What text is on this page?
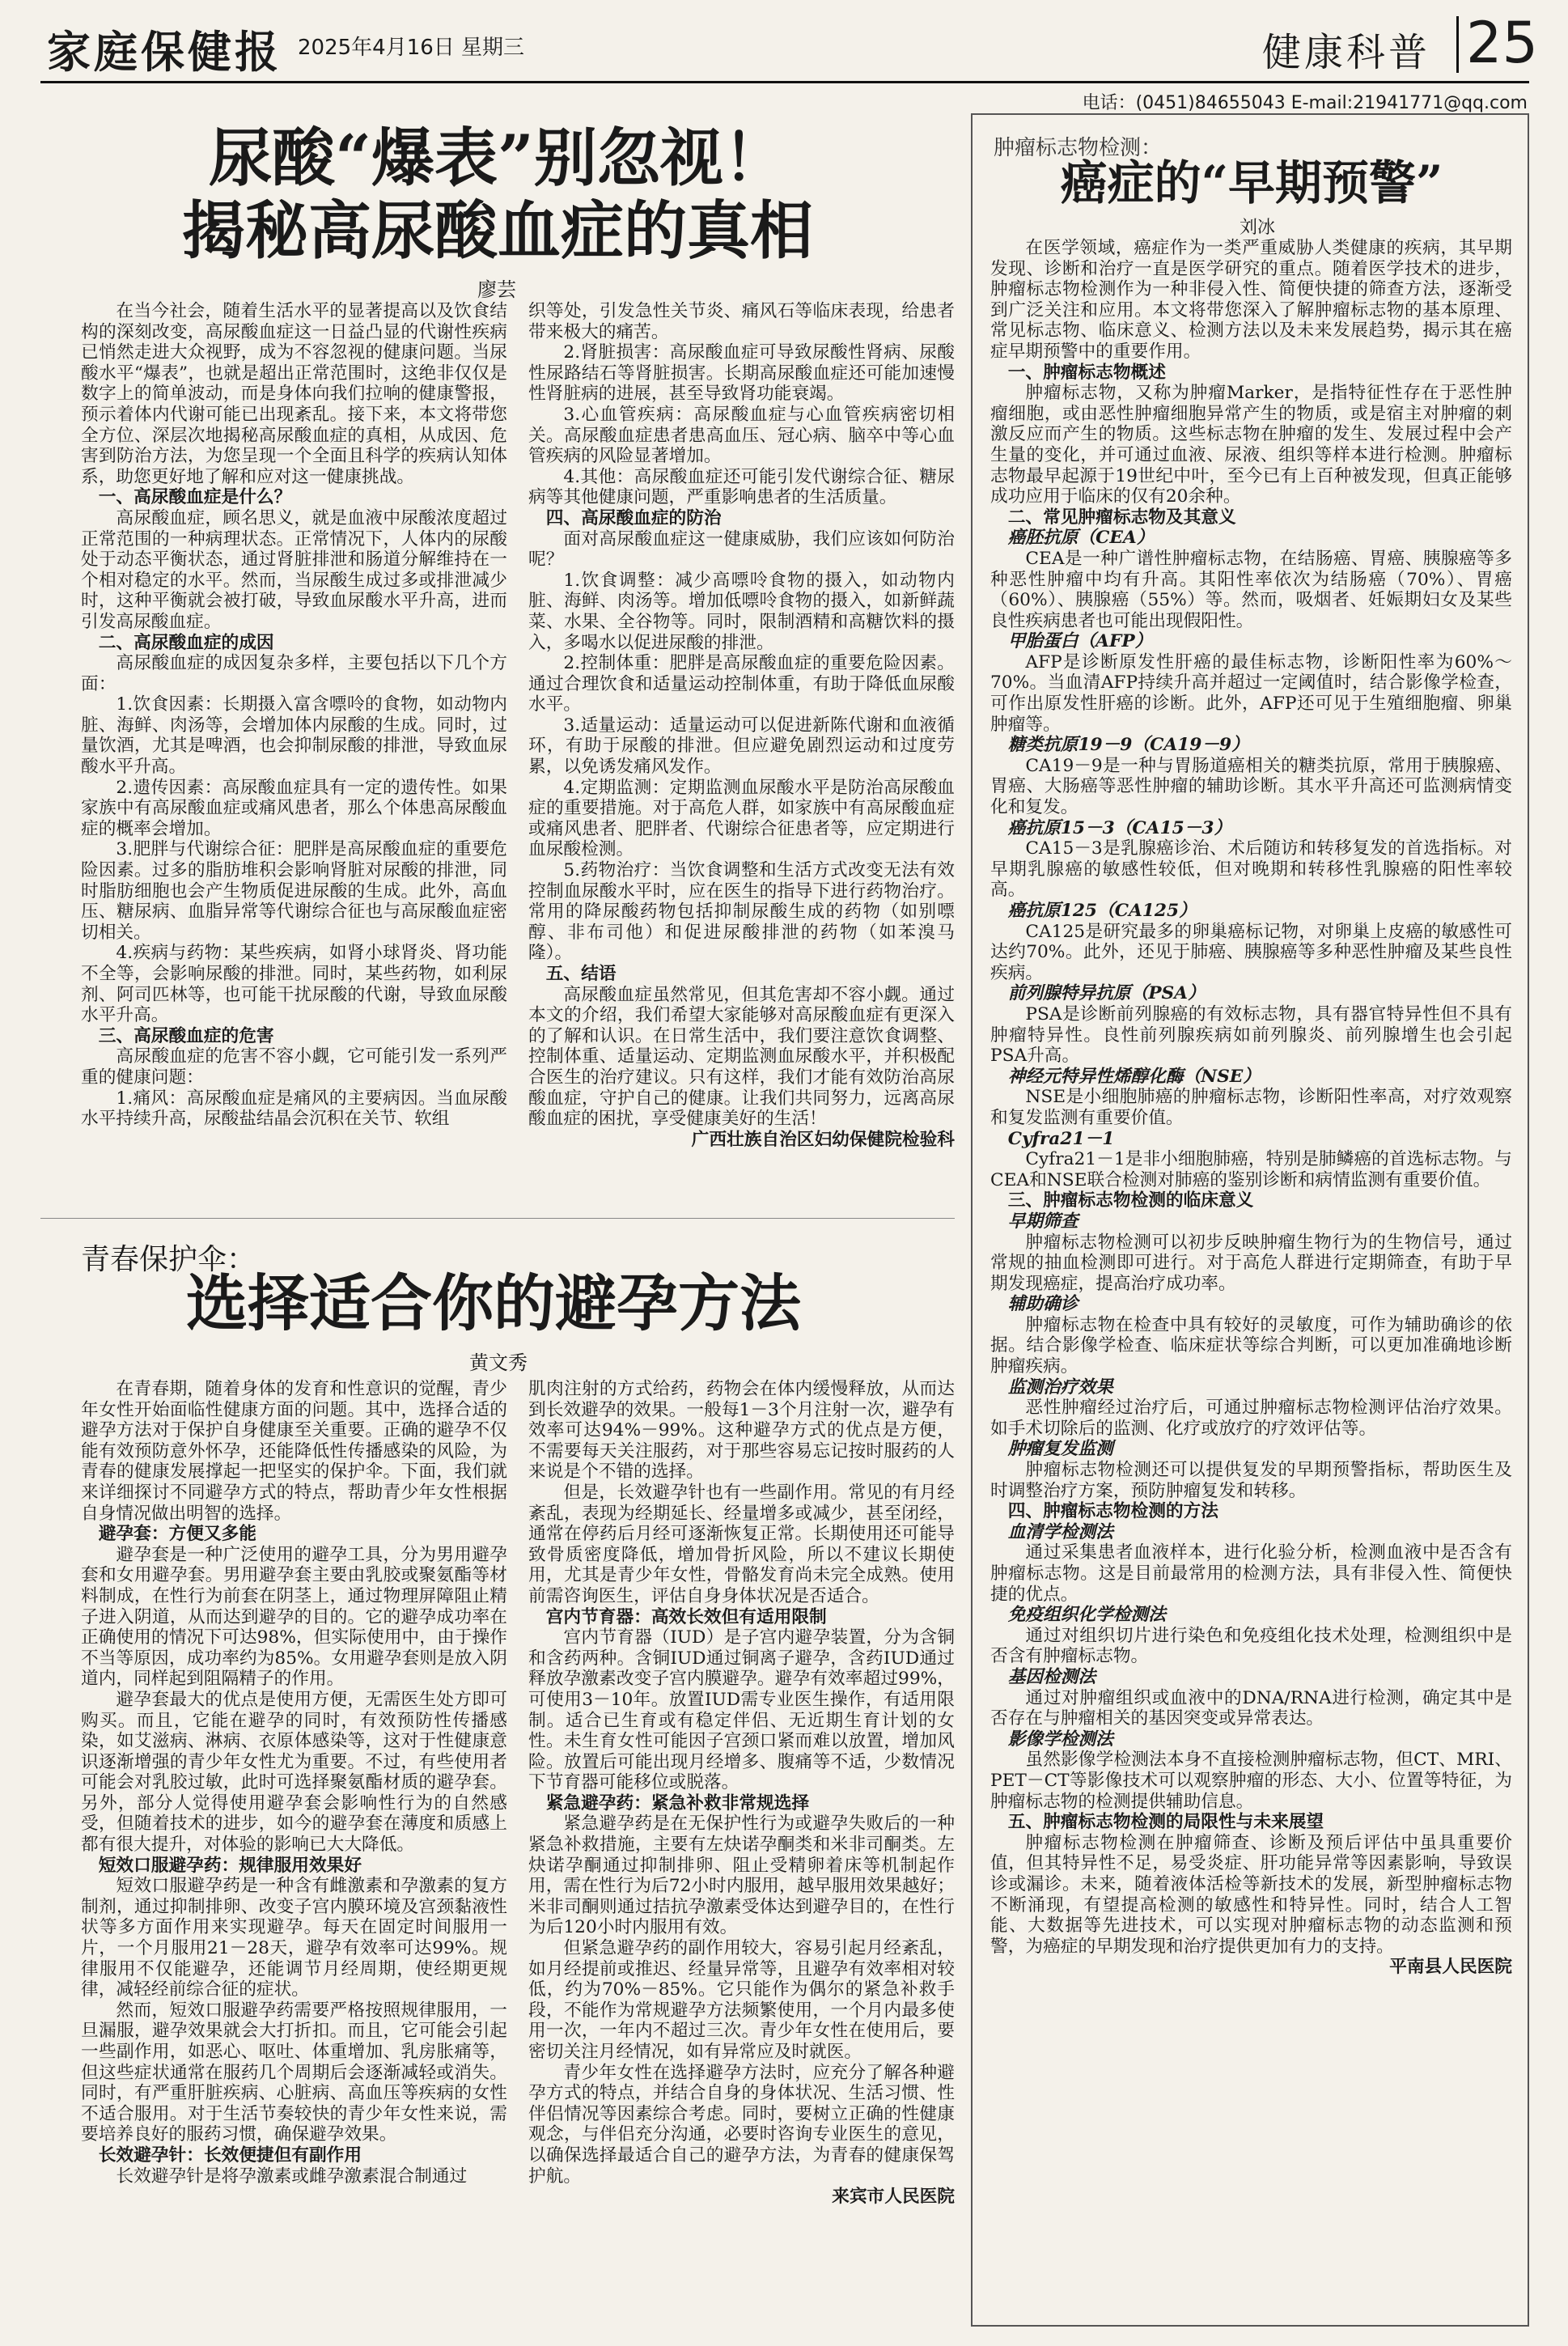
家庭保健报 2025年4月16日 星期三	健康科普 25
电话：(0451)84655043 E-mail:21941771@qq.com
尿酸“爆表”别忽视！
揭秘高尿酸血症的真相
廖芸

在当今社会，随着生活水平的显著提高以及饮食结构的深刻改变，高尿酸血症这一日益凸显的代谢性疾病已悄然走进大众视野，成为不容忽视的健康问题。当尿酸水平“爆表”，也就是超出正常范围时，这绝非仅仅是数字上的简单波动，而是身体向我们拉响的健康警报，预示着体内代谢可能已出现紊乱。接下来，本文将带您全方位、深层次地揭秘高尿酸血症的真相，从成因、危害到防治方法，为您呈现一个全面且科学的疾病认知体系，助您更好地了解和应对这一健康挑战。

一、高尿酸血症是什么？

高尿酸血症，顾名思义，就是血液中尿酸浓度超过正常范围的一种病理状态。正常情况下，人体内的尿酸处于动态平衡状态，通过肾脏排泄和肠道分解维持在一个相对稳定的水平。然而，当尿酸生成过多或排泄减少时，这种平衡就会被打破，导致血尿酸水平升高，进而引发高尿酸血症。

二、高尿酸血症的成因

高尿酸血症的成因复杂多样，主要包括以下几个方面：

1.饮食因素：长期摄入富含嘌呤的食物，如动物内脏、海鲜、肉汤等，会增加体内尿酸的生成。同时，过量饮酒，尤其是啤酒，也会抑制尿酸的排泄，导致血尿酸水平升高。

2.遗传因素：高尿酸血症具有一定的遗传性。如果家族中有高尿酸血症或痛风患者，那么个体患高尿酸血症的概率会增加。

3.肥胖与代谢综合征：肥胖是高尿酸血症的重要危险因素。过多的脂肪堆积会影响肾脏对尿酸的排泄，同时脂肪细胞也会产生物质促进尿酸的生成。此外，高血压、糖尿病、血脂异常等代谢综合征也与高尿酸血症密切相关。

4.疾病与药物：某些疾病，如肾小球肾炎、肾功能不全等，会影响尿酸的排泄。同时，某些药物，如利尿剂、阿司匹林等，也可能干扰尿酸的代谢，导致血尿酸水平升高。

三、高尿酸血症的危害

高尿酸血症的危害不容小觑，它可能引发一系列严重的健康问题：

1.痛风：高尿酸血症是痛风的主要病因。当血尿酸水平持续升高，尿酸盐结晶会沉积在关节、软组

织等处，引发急性关节炎、痛风石等临床表现，给患者带来极大的痛苦。

2.肾脏损害：高尿酸血症可导致尿酸性肾病、尿酸性尿路结石等肾脏损害。长期高尿酸血症还可能加速慢性肾脏病的进展，甚至导致肾功能衰竭。

3.心血管疾病：高尿酸血症与心血管疾病密切相关。高尿酸血症患者患高血压、冠心病、脑卒中等心血管疾病的风险显著增加。

4.其他：高尿酸血症还可能引发代谢综合征、糖尿病等其他健康问题，严重影响患者的生活质量。

四、高尿酸血症的防治

面对高尿酸血症这一健康威胁，我们应该如何防治呢？

1.饮食调整：减少高嘌呤食物的摄入，如动物内脏、海鲜、肉汤等。增加低嘌呤食物的摄入，如新鲜蔬菜、水果、全谷物等。同时，限制酒精和高糖饮料的摄入，多喝水以促进尿酸的排泄。

2.控制体重：肥胖是高尿酸血症的重要危险因素。通过合理饮食和适量运动控制体重，有助于降低血尿酸水平。

3.适量运动：适量运动可以促进新陈代谢和血液循环，有助于尿酸的排泄。但应避免剧烈运动和过度劳累，以免诱发痛风发作。

4.定期监测：定期监测血尿酸水平是防治高尿酸血症的重要措施。对于高危人群，如家族中有高尿酸血症或痛风患者、肥胖者、代谢综合征患者等，应定期进行血尿酸检测。

5.药物治疗：当饮食调整和生活方式改变无法有效控制血尿酸水平时，应在医生的指导下进行药物治疗。常用的降尿酸药物包括抑制尿酸生成的药物（如别嘌醇、非布司他）和促进尿酸排泄的药物（如苯溴马隆）。

五、结语

高尿酸血症虽然常见，但其危害却不容小觑。通过本文的介绍，我们希望大家能够对高尿酸血症有更深入的了解和认识。在日常生活中，我们要注意饮食调整、控制体重、适量运动、定期监测血尿酸水平，并积极配合医生的治疗建议。只有这样，我们才能有效防治高尿酸血症，守护自己的健康。让我们共同努力，远离高尿酸血症的困扰，享受健康美好的生活！

广西壮族自治区妇幼保健院检验科

青春保护伞：
选择适合你的避孕方法
黄文秀

在青春期，随着身体的发育和性意识的觉醒，青少年女性开始面临性健康方面的问题。其中，选择合适的避孕方法对于保护自身健康至关重要。正确的避孕不仅能有效预防意外怀孕，还能降低性传播感染的风险，为青春的健康发展撑起一把坚实的保护伞。下面，我们就来详细探讨不同避孕方式的特点，帮助青少年女性根据自身情况做出明智的选择。

避孕套：方便又多能

避孕套是一种广泛使用的避孕工具，分为男用避孕套和女用避孕套。男用避孕套主要由乳胶或聚氨酯等材料制成，在性行为前套在阴茎上，通过物理屏障阻止精子进入阴道，从而达到避孕的目的。它的避孕成功率在正确使用的情况下可达98%，但实际使用中，由于操作不当等原因，成功率约为85%。女用避孕套则是放入阴道内，同样起到阻隔精子的作用。

避孕套最大的优点是使用方便，无需医生处方即可购买。而且，它能在避孕的同时，有效预防性传播感染，如艾滋病、淋病、衣原体感染等，这对于性健康意识逐渐增强的青少年女性尤为重要。不过，有些使用者可能会对乳胶过敏，此时可选择聚氨酯材质的避孕套。另外，部分人觉得使用避孕套会影响性行为的自然感受，但随着技术的进步，如今的避孕套在薄度和质感上都有很大提升，对体验的影响已大大降低。

短效口服避孕药：规律服用效果好

短效口服避孕药是一种含有雌激素和孕激素的复方制剂，通过抑制排卵、改变子宫内膜环境及宫颈黏液性状等多方面作用来实现避孕。每天在固定时间服用一片，一个月服用21－28天，避孕有效率可达99%。规律服用不仅能避孕，还能调节月经周期，使经期更规律，减轻经前综合征的症状。

然而，短效口服避孕药需要严格按照规律服用，一旦漏服，避孕效果就会大打折扣。而且，它可能会引起一些副作用，如恶心、呕吐、体重增加、乳房胀痛等，但这些症状通常在服药几个周期后会逐渐减轻或消失。同时，有严重肝脏疾病、心脏病、高血压等疾病的女性不适合服用。对于生活节奏较快的青少年女性来说，需要培养良好的服药习惯，确保避孕效果。

长效避孕针：长效便捷但有副作用

长效避孕针是将孕激素或雌孕激素混合制通过

肌肉注射的方式给药，药物会在体内缓慢释放，从而达到长效避孕的效果。一般每1－3个月注射一次，避孕有效率可达94%－99%。这种避孕方式的优点是方便，不需要每天关注服药，对于那些容易忘记按时服药的人来说是个不错的选择。

但是，长效避孕针也有一些副作用。常见的有月经紊乱，表现为经期延长、经量增多或减少，甚至闭经，通常在停药后月经可逐渐恢复正常。长期使用还可能导致骨质密度降低，增加骨折风险，所以不建议长期使用，尤其是青少年女性，骨骼发育尚未完全成熟。使用前需咨询医生，评估自身身体状况是否适合。

宫内节育器：高效长效但有适用限制

宫内节育器（IUD）是子宫内避孕装置，分为含铜和含药两种。含铜IUD通过铜离子避孕，含药IUD通过释放孕激素改变子宫内膜避孕。避孕有效率超过99%，可使用3－10年。放置IUD需专业医生操作，有适用限制。适合已生育或有稳定伴侣、无近期生育计划的女性。未生育女性可能因子宫颈口紧而难以放置，增加风险。放置后可能出现月经增多、腹痛等不适，少数情况下节育器可能移位或脱落。

紧急避孕药：紧急补救非常规选择

紧急避孕药是在无保护性行为或避孕失败后的一种紧急补救措施，主要有左炔诺孕酮类和米非司酮类。左炔诺孕酮通过抑制排卵、阻止受精卵着床等机制起作用，需在性行为后72小时内服用，越早服用效果越好；米非司酮则通过拮抗孕激素受体达到避孕目的，在性行为后120小时内服用有效。

但紧急避孕药的副作用较大，容易引起月经紊乱，如月经提前或推迟、经量异常等，且避孕有效率相对较低，约为70%－85%。它只能作为偶尔的紧急补救手段，不能作为常规避孕方法频繁使用，一个月内最多使用一次，一年内不超过三次。青少年女性在使用后，要密切关注月经情况，如有异常应及时就医。

青少年女性在选择避孕方法时，应充分了解各种避孕方式的特点，并结合自身的身体状况、生活习惯、性伴侣情况等因素综合考虑。同时，要树立正确的性健康观念，与伴侣充分沟通，必要时咨询专业医生的意见，以确保选择最适合自己的避孕方法，为青春的健康保驾护航。

来宾市人民医院

肿瘤标志物检测：
癌症的“早期预警”
刘冰

在医学领域，癌症作为一类严重威胁人类健康的疾病，其早期发现、诊断和治疗一直是医学研究的重点。随着医学技术的进步，肿瘤标志物检测作为一种非侵入性、简便快捷的筛查方法，逐渐受到广泛关注和应用。本文将带您深入了解肿瘤标志物的基本原理、常见标志物、临床意义、检测方法以及未来发展趋势，揭示其在癌症早期预警中的重要作用。

一、肿瘤标志物概述

肿瘤标志物，又称为肿瘤Marker，是指特征性存在于恶性肿瘤细胞，或由恶性肿瘤细胞异常产生的物质，或是宿主对肿瘤的刺激反应而产生的物质。这些标志物在肿瘤的发生、发展过程中会产生量的变化，并可通过血液、尿液、组织等样本进行检测。肿瘤标志物最早起源于19世纪中叶，至今已有上百种被发现，但真正能够成功应用于临床的仅有20余种。

二、常见肿瘤标志物及其意义

癌胚抗原（CEA）

CEA是一种广谱性肿瘤标志物，在结肠癌、胃癌、胰腺癌等多种恶性肿瘤中均有升高。其阳性率依次为结肠癌（70%）、胃癌（60%）、胰腺癌（55%）等。然而，吸烟者、妊娠期妇女及某些良性疾病患者也可能出现假阳性。

甲胎蛋白（AFP）

AFP是诊断原发性肝癌的最佳标志物，诊断阳性率为60%～70%。当血清AFP持续升高并超过一定阈值时，结合影像学检查，可作出原发性肝癌的诊断。此外，AFP还可见于生殖细胞瘤、卵巢肿瘤等。

糖类抗原19－9（CA19－9）

CA19－9是一种与胃肠道癌相关的糖类抗原，常用于胰腺癌、胃癌、大肠癌等恶性肿瘤的辅助诊断。其水平升高还可监测病情变化和复发。

癌抗原15－3（CA15－3）

CA15－3是乳腺癌诊治、术后随访和转移复发的首选指标。对早期乳腺癌的敏感性较低，但对晚期和转移性乳腺癌的阳性率较高。

癌抗原125（CA125）

CA125是研究最多的卵巢癌标记物，对卵巢上皮癌的敏感性可达约70%。此外，还见于肺癌、胰腺癌等多种恶性肿瘤及某些良性疾病。

前列腺特异抗原（PSA）

PSA是诊断前列腺癌的有效标志物，具有器官特异性但不具有肿瘤特异性。良性前列腺疾病如前列腺炎、前列腺增生也会引起PSA升高。

神经元特异性烯醇化酶（NSE）

NSE是小细胞肺癌的肿瘤标志物，诊断阳性率高，对疗效观察和复发监测有重要价值。

Cyfra21－1

Cyfra21－1是非小细胞肺癌，特别是肺鳞癌的首选标志物。与CEA和NSE联合检测对肺癌的鉴别诊断和病情监测有重要价值。

三、肿瘤标志物检测的临床意义

早期筛查

肿瘤标志物检测可以初步反映肿瘤生物行为的生物信号，通过常规的抽血检测即可进行。对于高危人群进行定期筛查，有助于早期发现癌症，提高治疗成功率。

辅助确诊

肿瘤标志物在检查中具有较好的灵敏度，可作为辅助确诊的依据。结合影像学检查、临床症状等综合判断，可以更加准确地诊断肿瘤疾病。

监测治疗效果

恶性肿瘤经过治疗后，可通过肿瘤标志物检测评估治疗效果。如手术切除后的监测、化疗或放疗的疗效评估等。

肿瘤复发监测

肿瘤标志物检测还可以提供复发的早期预警指标，帮助医生及时调整治疗方案，预防肿瘤复发和转移。

四、肿瘤标志物检测的方法

血清学检测法

通过采集患者血液样本，进行化验分析，检测血液中是否含有肿瘤标志物。这是目前最常用的检测方法，具有非侵入性、简便快捷的优点。

免疫组织化学检测法

通过对组织切片进行染色和免疫组化技术处理，检测组织中是否含有肿瘤标志物。

基因检测法

通过对肿瘤组织或血液中的DNA/RNA进行检测，确定其中是否存在与肿瘤相关的基因突变或异常表达。

影像学检测法

虽然影像学检测法本身不直接检测肿瘤标志物，但CT、MRI、PET－CT等影像技术可以观察肿瘤的形态、大小、位置等特征，为肿瘤标志物的检测提供辅助信息。

五、肿瘤标志物检测的局限性与未来展望

肿瘤标志物检测在肿瘤筛查、诊断及预后评估中虽具重要价值，但其特异性不足，易受炎症、肝功能异常等因素影响，导致误诊或漏诊。未来，随着液体活检等新技术的发展，新型肿瘤标志物不断涌现，有望提高检测的敏感性和特异性。同时，结合人工智能、大数据等先进技术，可以实现对肿瘤标志物的动态监测和预警，为癌症的早期发现和治疗提供更加有力的支持。

平南县人民医院
